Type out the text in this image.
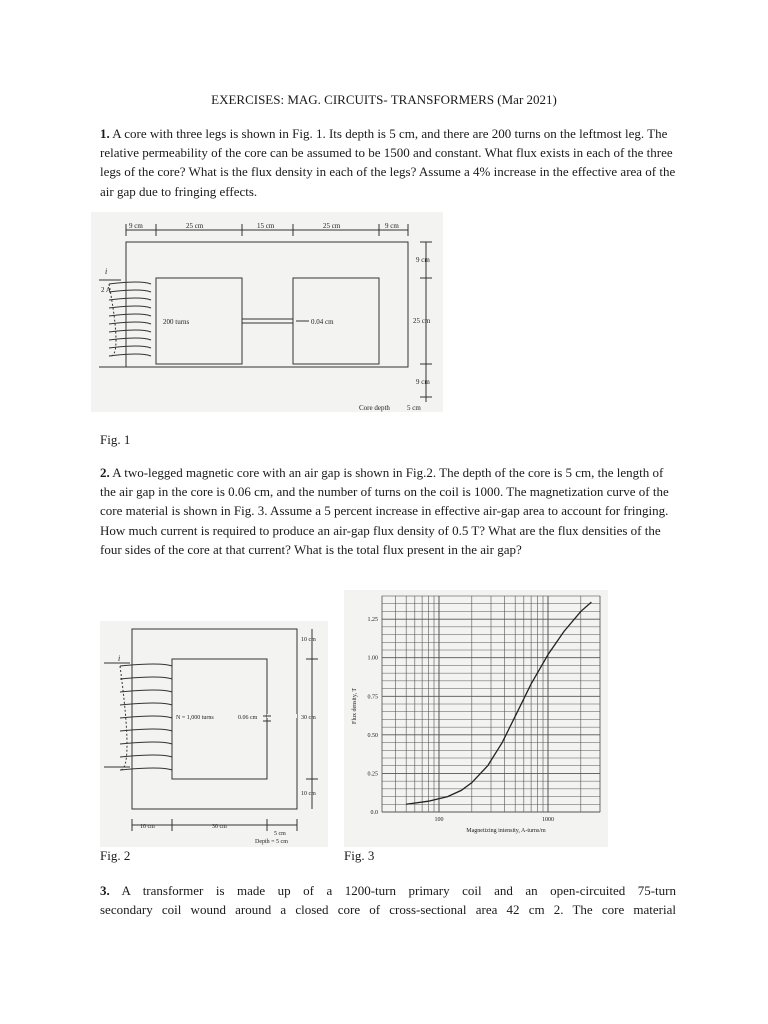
EXERCISES: MAG. CIRCUITS- TRANSFORMERS (Mar 2021)

1. A core with three legs is shown in Fig. 1. Its depth is 5 cm, and there are 200 turns on the leftmost leg. The relative permeability of the core can be assumed to be 1500 and constant. What flux exists in each of the three legs of the core? What is the flux density in each of the legs? Assume a 4% increase in the effective area of the air gap due to fringing effects.

9 cm	25 cm	15 cm	25 cm	9 cm
9 cm
25 cm
9 cm
i
2 A
200 turns	0.04 cm
Core depth 5 cm
Fig. 1

2. A two-legged magnetic core with an air gap is shown in Fig.2. The depth of the core is 5 cm, the length of the air gap in the core is 0.06 cm, and the number of turns on the coil is 1000. The magnetization curve of the core material is shown in Fig. 3. Assume a 5 percent increase in effective air-gap area to account for fringing. How much current is required to produce an air-gap flux density of 0.5 T? What are the flux densities of the four sides of the core at that current? What is the total flux present in the air gap?

i
N = 1,000 turns	0.06 cm
10 cm
30 cm
10 cm
10 cm	30 cm
5 cm
Depth = 5 cm
0.0
0.25
0.50
0.75
1.00
1.25
100	1000
Flux density, T
Magnetizing intensity, A-turns/m
Fig. 2	Fig. 3
3. A transformer is made up of a 1200-turn primary coil and an open-circuited 75-turn
secondary coil wound around a closed core of cross-sectional area 42 cm 2. The core material
